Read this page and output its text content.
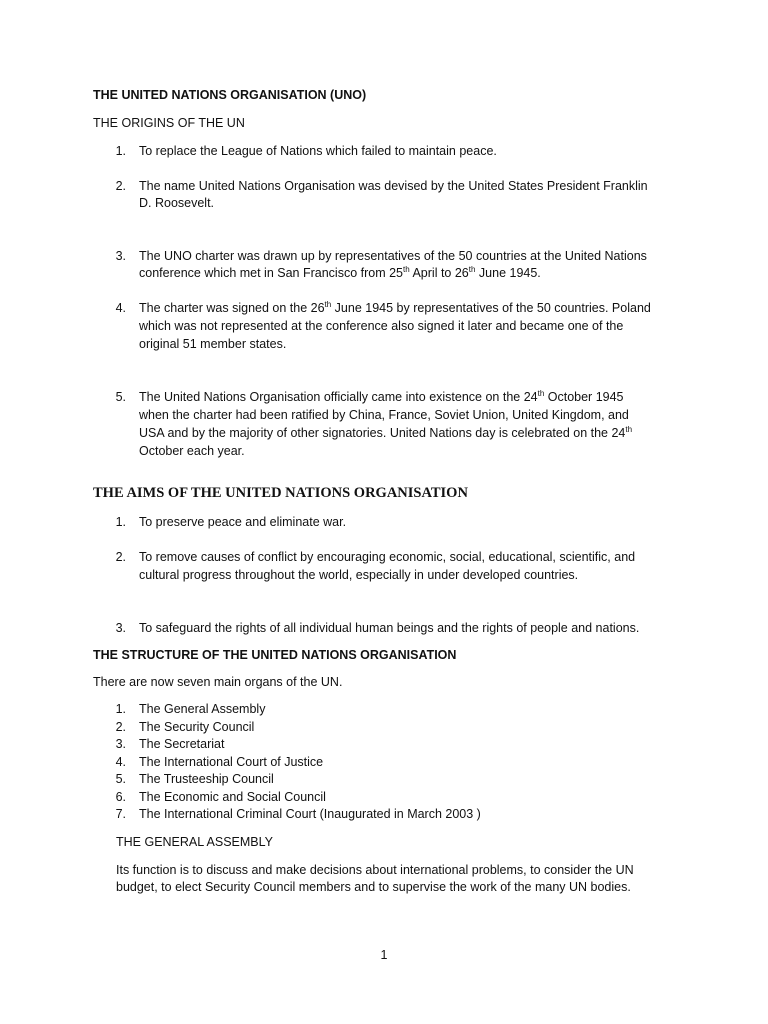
THE UNITED NATIONS ORGANISATION (UNO)
THE ORIGINS OF THE UN
1. To replace the League of Nations which failed to maintain peace.
2. The name United Nations Organisation was devised by the United States President Franklin
D. Roosevelt.
3. The UNO charter was drawn up by representatives of the 50 countries at the United Nations
conference which met in San Francisco from 25th April to 26th June 1945.
4. The charter was signed on the 26th June 1945 by representatives of the 50 countries. Poland
which was not represented at the conference also signed it later and became one of the
original 51 member states.
5. The United Nations Organisation officially came into existence on the 24th October 1945
when the charter had been ratified by China, France, Soviet Union, United Kingdom, and
USA and by the majority of other signatories. United Nations day is celebrated on the 24th
October each year.
THE AIMS OF THE UNITED NATIONS ORGANISATION
1. To preserve peace and eliminate war.
2. To remove causes of conflict by encouraging economic, social, educational, scientific, and
cultural progress throughout the world, especially in under developed countries.
3. To safeguard the rights of all individual human beings and the rights of people and nations.
THE STRUCTURE OF THE UNITED NATIONS ORGANISATION
There are now seven main organs of the UN.
1. The General Assembly
2. The Security Council
3. The Secretariat
4. The International Court of Justice
5. The Trusteeship Council
6. The Economic and Social Council
7. The International Criminal Court (Inaugurated in March 2003 )
THE GENERAL ASSEMBLY
Its function is to discuss and make decisions about international problems, to consider the UN
budget, to elect Security Council members and to supervise the work of the many UN bodies.
1
